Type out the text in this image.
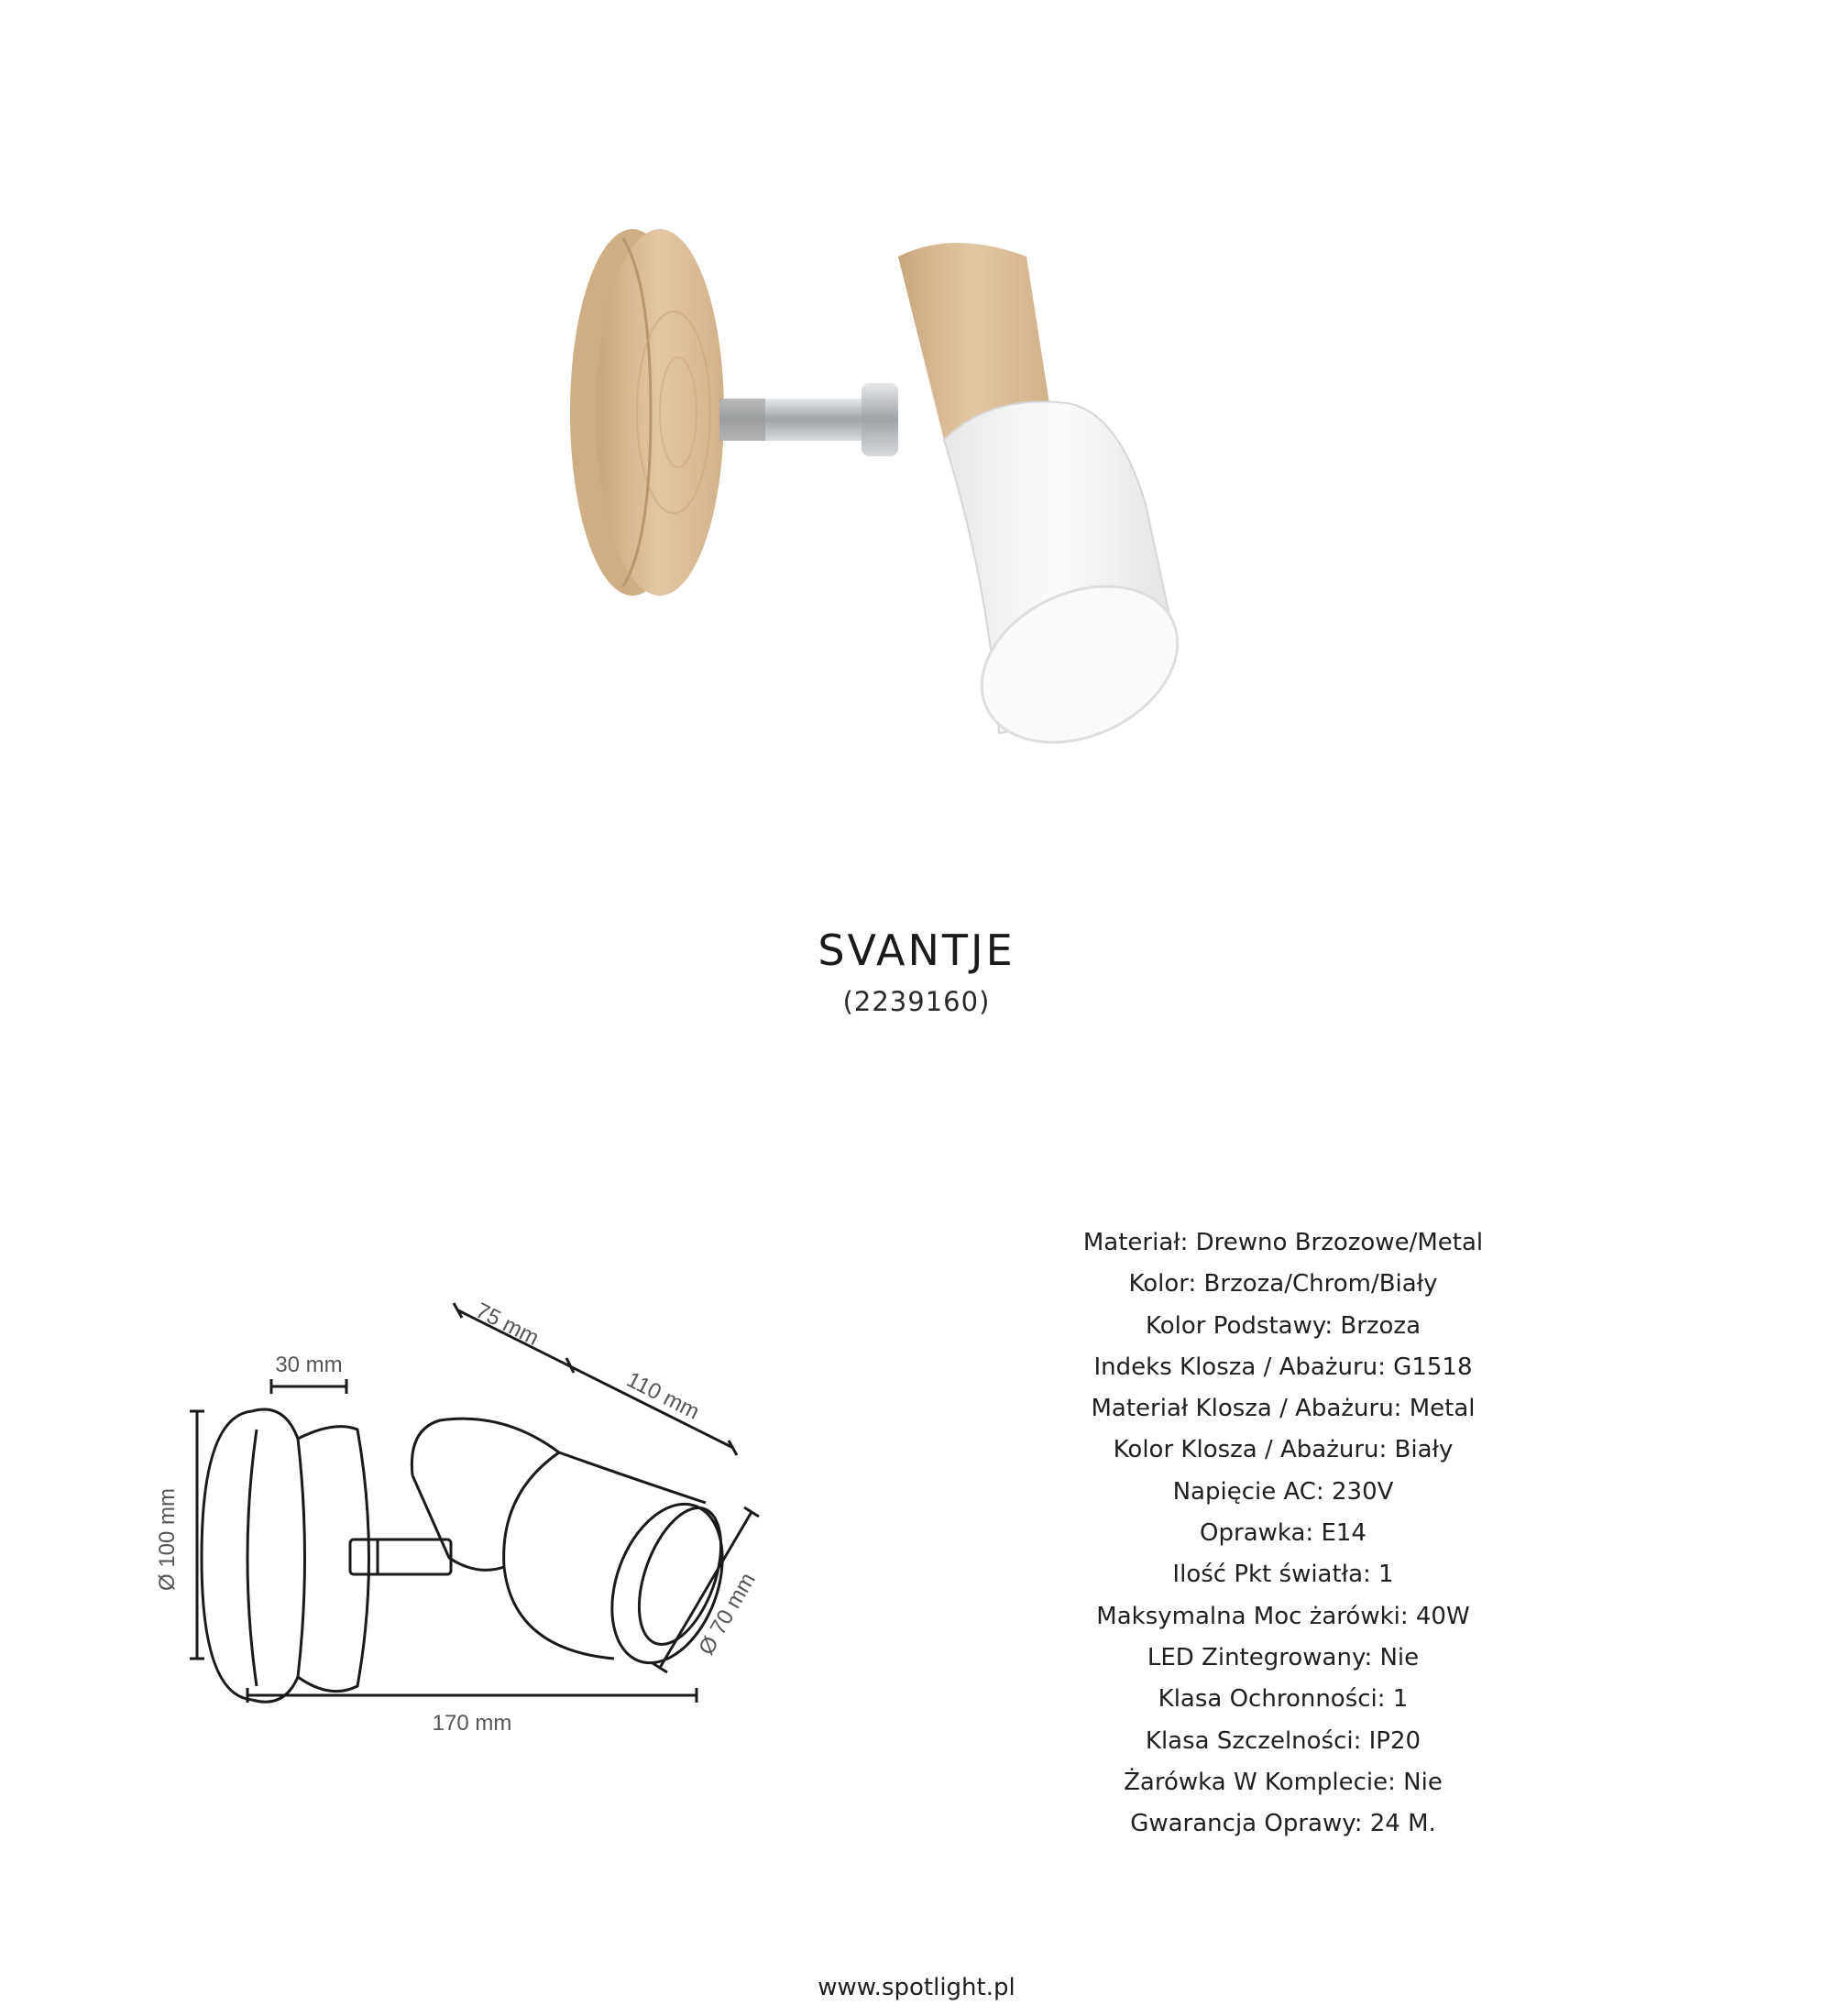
SVANTJE
(2239160)
30 mm
75 mm
110 mm
Ø 100 mm
Ø 70 mm
170 mm
Materiał: Drewno Brzozowe/Metal
Kolor: Brzoza/Chrom/Biały
Kolor Podstawy: Brzoza
Indeks Klosza / Abażuru: G1518
Materiał Klosza / Abażuru: Metal
Kolor Klosza / Abażuru: Biały
Napięcie AC: 230V
Oprawka: E14
Ilość Pkt światła: 1
Maksymalna Moc żarówki: 40W
LED Zintegrowany: Nie
Klasa Ochronności: 1
Klasa Szczelności: IP20
Żarówka W Komplecie: Nie
Gwarancja Oprawy: 24 M.
www.spotlight.pl
